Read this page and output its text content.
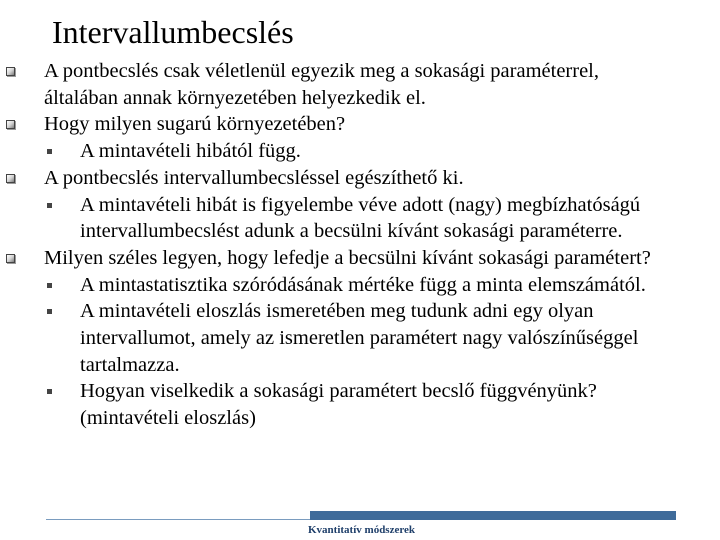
Intervallumbecslés
A pontbecslés csak véletlenül egyezik meg a sokasági paraméterrel,
általában annak környezetében helyezkedik el.
Hogy milyen sugarú környezetében?
A mintavételi hibától függ.
A pontbecslés intervallumbecsléssel egészíthető ki.
A mintavételi hibát is figyelembe véve adott (nagy) megbízhatóságú
intervallumbecslést adunk a becsülni kívánt sokasági paraméterre.
Milyen széles legyen, hogy lefedje a becsülni kívánt sokasági paramétert?
A mintastatisztika szóródásának mértéke függ a minta elemszámától.
A mintavételi eloszlás ismeretében meg tudunk adni egy olyan
intervallumot, amely az ismeretlen paramétert nagy valószínűséggel
tartalmazza.
Hogyan viselkedik a sokasági paramétert becslő függvényünk?
(mintavételi eloszlás)
Kvantitatív módszerek
